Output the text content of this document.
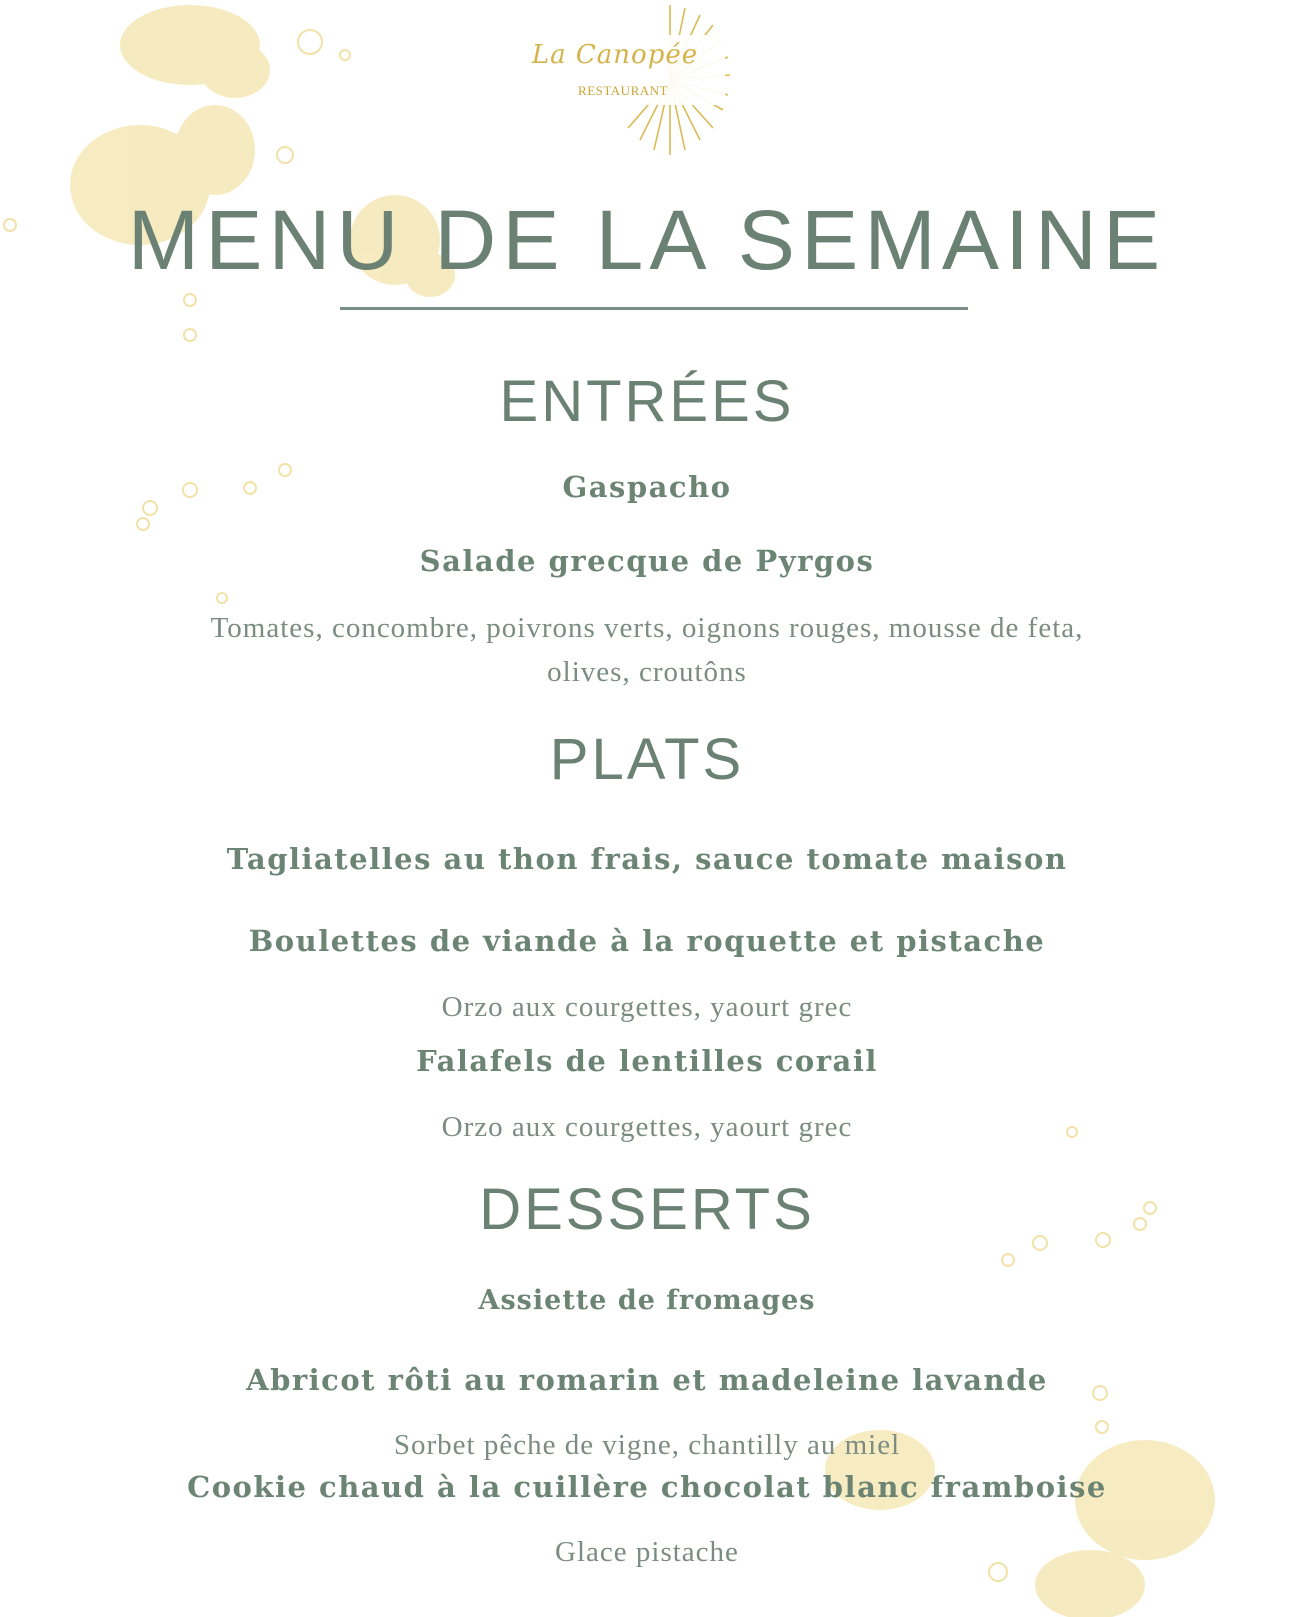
La Canopée
RESTAURANT
MENU DE LA SEMAINE
ENTRÉES
Gaspacho
Salade grecque de Pyrgos
Tomates, concombre, poivrons verts, oignons rouges, mousse de feta,
olives, croutôns
PLATS
Tagliatelles au thon frais, sauce tomate maison
Boulettes de viande à la roquette et pistache
Orzo aux courgettes, yaourt grec
Falafels de lentilles corail
Orzo aux courgettes, yaourt grec
DESSERTS
Assiette de fromages
Abricot rôti au romarin et madeleine lavande
Sorbet pêche de vigne, chantilly au miel
Cookie chaud à la cuillère chocolat blanc framboise
Glace pistache
